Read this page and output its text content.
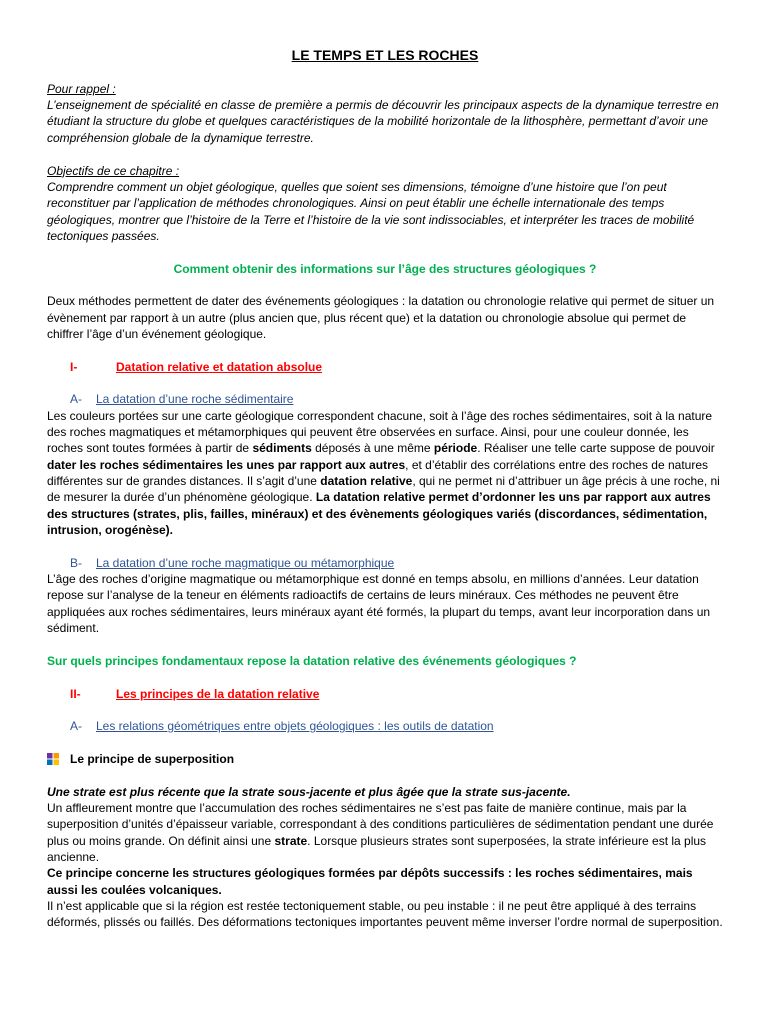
LE TEMPS ET LES ROCHES

Pour rappel :

L’enseignement de spécialité en classe de première a permis de découvrir les principaux aspects de la dynamique terrestre en étudiant la structure du globe et quelques caractéristiques de la mobilité horizontale de la lithosphère, permettant d’avoir une compréhension globale de la dynamique terrestre.

Objectifs de ce chapitre :

Comprendre comment un objet géologique, quelles que soient ses dimensions, témoigne d’une histoire que l’on peut reconstituer par l’application de méthodes chronologiques. Ainsi on peut établir une échelle internationale des temps géologiques, montrer que l’histoire de la Terre et l’histoire de la vie sont indissociables, et interpréter les traces de mobilité tectoniques passées.

Comment obtenir des informations sur l’âge des structures géologiques ?

Deux méthodes permettent de dater des événements géologiques : la datation ou chronologie relative qui permet de situer un évènement par rapport à un autre (plus ancien que, plus récent que) et la datation ou chronologie absolue qui permet de chiffrer l’âge d’un événement géologique.

I-	Datation relative et datation absolue
A- La datation d’une roche sédimentaire

Les couleurs portées sur une carte géologique correspondent chacune, soit à l’âge des roches sédimentaires, soit à la nature des roches magmatiques et métamorphiques qui peuvent être observées en surface. Ainsi, pour une couleur donnée, les roches sont toutes formées à partir de sédiments déposés à une même période. Réaliser une telle carte suppose de pouvoir dater les roches sédimentaires les unes par rapport aux autres, et d’établir des corrélations entre des roches de natures différentes sur de grandes distances. Il s’agit d’une datation relative, qui ne permet ni d’attribuer un âge précis à une roche, ni de mesurer la durée d’un phénomène géologique. La datation relative permet d’ordonner les uns par rapport aux autres des structures (strates, plis, failles, minéraux) et des évènements géologiques variés (discordances, sédimentation, intrusion, orogénèse).

B- La datation d’une roche magmatique ou métamorphique

L’âge des roches d’origine magmatique ou métamorphique est donné en temps absolu, en millions d’années. Leur datation repose sur l’analyse de la teneur en éléments radioactifs de certains de leurs minéraux. Ces méthodes ne peuvent être appliquées aux roches sédimentaires, leurs minéraux ayant été formés, la plupart du temps, avant leur incorporation dans un sédiment.

Sur quels principes fondamentaux repose la datation relative des événements géologiques ?

II-	Les principes de la datation relative
A- Les relations géométriques entre objets géologiques : les outils de datation
Le principe de superposition

Une strate est plus récente que la strate sous-jacente et plus âgée que la strate sus-jacente.

Un affleurement montre que l’accumulation des roches sédimentaires ne s’est pas faite de manière continue, mais par la superposition d’unités d’épaisseur variable, correspondant à des conditions particulières de sédimentation pendant une durée plus ou moins grande. On définit ainsi une strate. Lorsque plusieurs strates sont superposées, la strate inférieure est la plus ancienne.

Ce principe concerne les structures géologiques formées par dépôts successifs : les roches sédimentaires, mais aussi les coulées volcaniques.

Il n’est applicable que si la région est restée tectoniquement stable, ou peu instable : il ne peut être appliqué à des terrains déformés, plissés ou faillés. Des déformations tectoniques importantes peuvent même inverser l’ordre normal de superposition.
